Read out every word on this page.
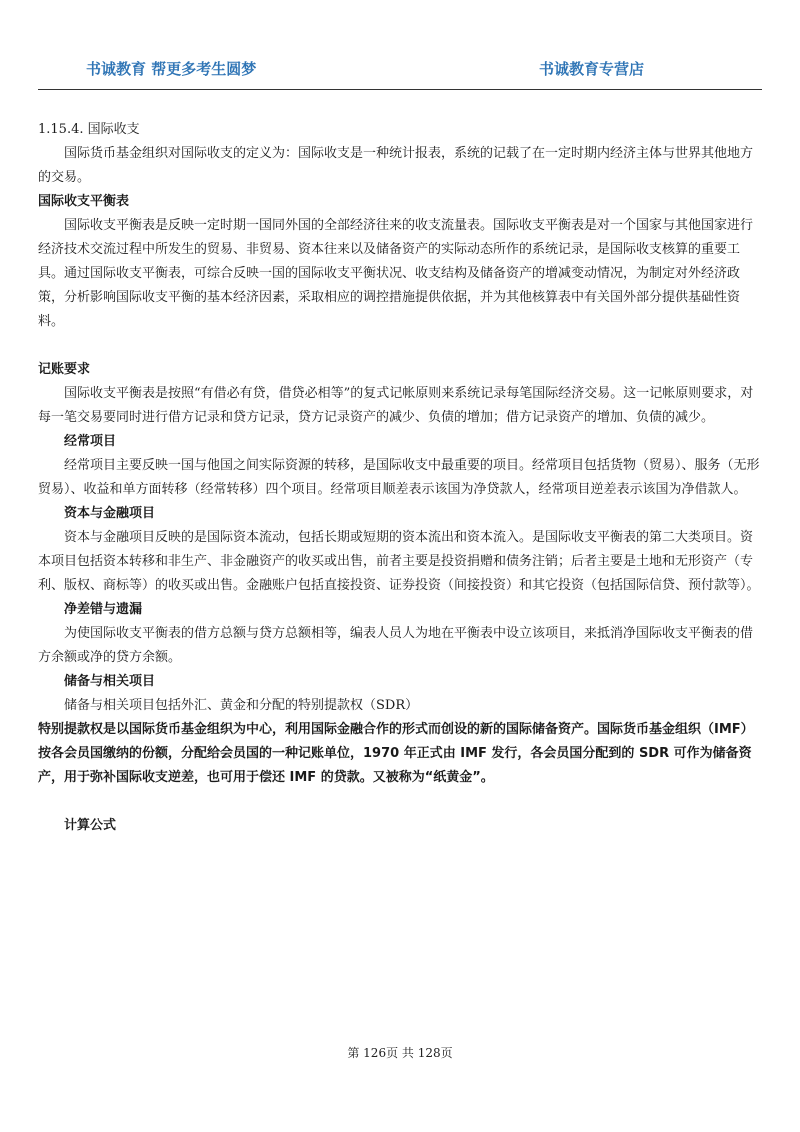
书诚教育 帮更多考生圆梦	书诚教育专营店

1.15.4. 国际收支

国际货币基金组织对国际收支的定义为：国际收支是一种统计报表，系统的记载了在一定时期内经济主体与世界其他地方的交易。

国际收支平衡表

国际收支平衡表是反映一定时期一国同外国的全部经济往来的收支流量表。国际收支平衡表是对一个国家与其他国家进行经济技术交流过程中所发生的贸易、非贸易、资本往来以及储备资产的实际动态所作的系统记录，是国际收支核算的重要工具。通过国际收支平衡表，可综合反映一国的国际收支平衡状况、收支结构及储备资产的增减变动情况，为制定对外经济政策，分析影响国际收支平衡的基本经济因素，采取相应的调控措施提供依据，并为其他核算表中有关国外部分提供基础性资料。

记账要求

国际收支平衡表是按照“有借必有贷，借贷必相等”的复式记帐原则来系统记录每笔国际经济交易。这一记帐原则要求，对每一笔交易要同时进行借方记录和贷方记录，贷方记录资产的减少、负债的增加；借方记录资产的增加、负债的减少。

经常项目

经常项目主要反映一国与他国之间实际资源的转移，是国际收支中最重要的项目。经常项目包括货物（贸易）、服务（无形贸易）、收益和单方面转移（经常转移）四个项目。经常项目顺差表示该国为净贷款人，经常项目逆差表示该国为净借款人。

资本与金融项目

资本与金融项目反映的是国际资本流动，包括长期或短期的资本流出和资本流入。是国际收支平衡表的第二大类项目。资本项目包括资本转移和非生产、非金融资产的收买或出售，前者主要是投资捐赠和债务注销；后者主要是土地和无形资产（专利、版权、商标等）的收买或出售。金融账户包括直接投资、证券投资（间接投资）和其它投资（包括国际信贷、预付款等）。

净差错与遗漏

为使国际收支平衡表的借方总额与贷方总额相等，编表人员人为地在平衡表中设立该项目，来抵消净国际收支平衡表的借方余额或净的贷方余额。

储备与相关项目

储备与相关项目包括外汇、黄金和分配的特别提款权（SDR）

特别提款权是以国际货币基金组织为中心，利用国际金融合作的形式而创设的新的国际储备资产。国际货币基金组织（IMF）按各会员国缴纳的份额，分配给会员国的一种记账单位，1970 年正式由 IMF 发行，各会员国分配到的 SDR 可作为储备资产，用于弥补国际收支逆差，也可用于偿还 IMF 的贷款。又被称为“纸黄金”。

计算公式

第 126页 共 128页
